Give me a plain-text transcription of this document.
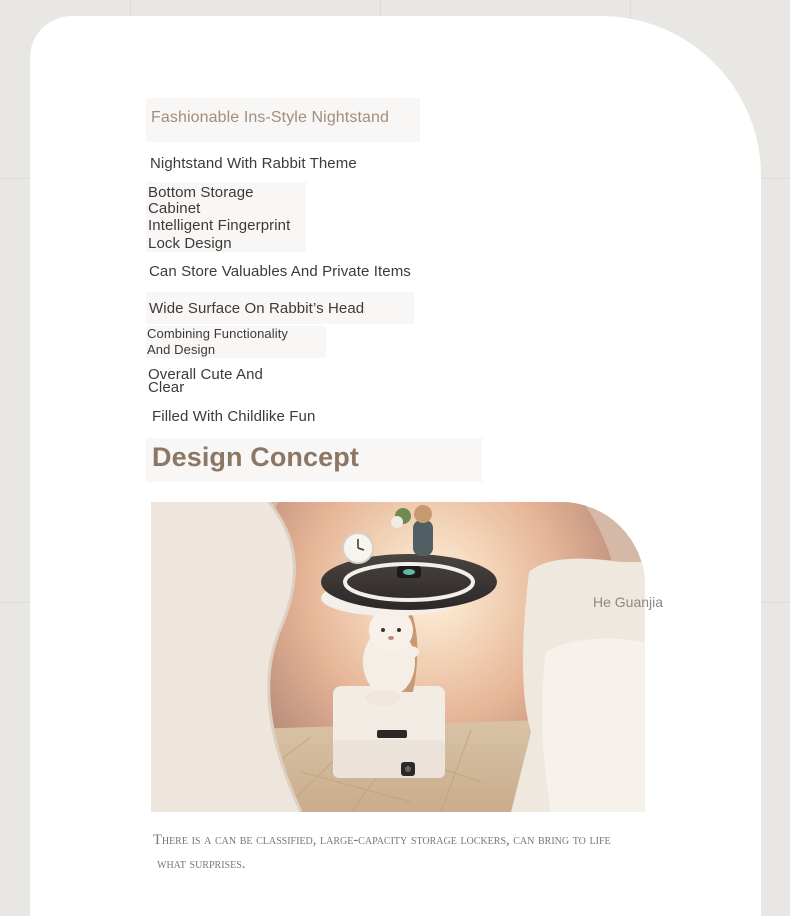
Fashionable Ins-Style Nightstand
Nightstand With Rabbit Theme
Bottom Storage
Cabinet
Intelligent Fingerprint
Lock Design
Can Store Valuables And Private Items
Wide Surface On Rabbit’s Head
Combining Functionality
And Design
Overall Cute And
Clear
Filled With Childlike Fun
Design Concept
He Guanjia
There is a can be classified, large-capacity storage lockers, can bring to life
what surprises.
